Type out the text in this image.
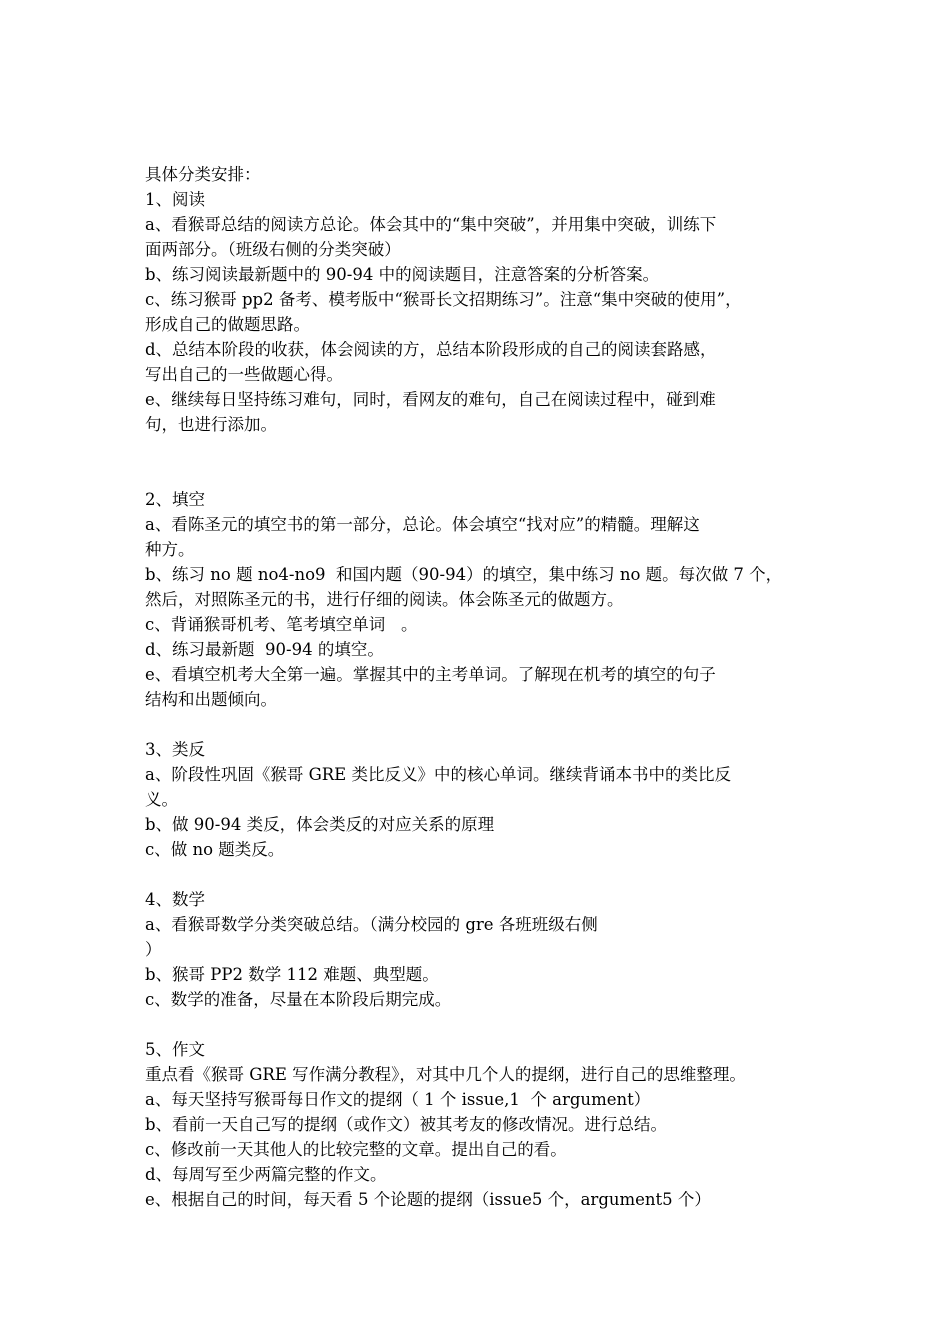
具体分类安排：
1、阅读
a、看猴哥总结的阅读方总论。体会其中的“集中突破”，并用集中突破，训练下
面两部分。（班级右侧的分类突破）
b、练习阅读最新题中的 90-94 中的阅读题目，注意答案的分析答案。
c、练习猴哥 pp2 备考、模考版中“猴哥长文招期练习”。注意“集中突破的使用”，
形成自己的做题思路。
d、总结本阶段的收获，体会阅读的方，总结本阶段形成的自己的阅读套路感，
写出自己的一些做题心得。
e、继续每日坚持练习难句，同时，看网友的难句，自己在阅读过程中，碰到难
句，也进行添加。
2、填空
a、看陈圣元的填空书的第一部分，总论。体会填空“找对应”的精髓。理解这
种方。
b、练习 no 题 no4-no9  和国内题（90-94）的填空，集中练习 no 题。每次做 7 个，
然后，对照陈圣元的书，进行仔细的阅读。体会陈圣元的做题方。
c、背诵猴哥机考、笔考填空单词   。
d、练习最新题  90-94 的填空。
e、看填空机考大全第一遍。掌握其中的主考单词。了解现在机考的填空的句子
结构和出题倾向。
3、类反
a、阶段性巩固《猴哥 GRE 类比反义》中的核心单词。继续背诵本书中的类比反
义。
b、做 90-94 类反，体会类反的对应关系的原理
c、做 no 题类反。
4、数学
a、看猴哥数学分类突破总结。（满分校园的 gre 各班班级右侧
）
b、猴哥 PP2 数学 112 难题、典型题。
c、数学的准备，尽量在本阶段后期完成。
5、作文
重点看《猴哥 GRE 写作满分教程》，对其中几个人的提纲，进行自己的思维整理。
a、每天坚持写猴哥每日作文的提纲（ 1 个 issue,1  个 argument）
b、看前一天自己写的提纲（或作文）被其考友的修改情况。进行总结。
c、修改前一天其他人的比较完整的文章。提出自己的看。
d、每周写至少两篇完整的作文。
e、根据自己的时间，每天看 5 个论题的提纲（issue5 个，argument5 个）
